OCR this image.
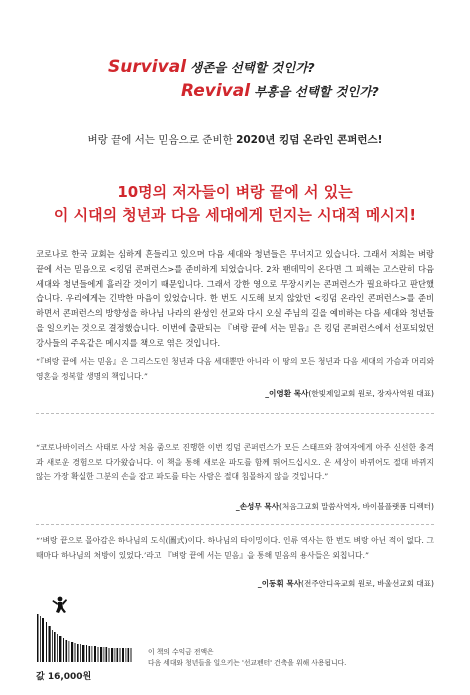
Survival 생존을 선택할 것인가?
Revival 부흥을 선택할 것인가?
벼랑 끝에 서는 믿음으로 준비한 2020년 킹덤 온라인 콘퍼런스!
10명의 저자들이 벼랑 끝에 서 있는
이 시대의 청년과 다음 세대에게 던지는 시대적 메시지!
코로나로 한국 교회는 심하게 흔들리고 있으며 다음 세대와 청년들은 무너지고 있습니다. 그래서 저희는 벼랑 끝에 서는 믿음으로 <킹덤 콘퍼런스>를 준비하게 되었습니다. 2차 팬데믹이 온다면 그 피해는 고스란히 다음 세대와 청년들에게 흘러갈 것이기 때문입니다. 그래서 강한 영으로 무장시키는 콘퍼런스가 필요하다고 판단했습니다. 우리에게는 긴박한 마음이 있었습니다. 한 번도 시도해 보지 않았던 <킹덤 온라인 콘퍼런스>를 준비하면서 콘퍼런스의 방향성을 하나님 나라의 완성인 선교와 다시 오실 주님의 길을 예비하는 다음 세대와 청년들을 일으키는 것으로 결정했습니다. 이번에 출판되는 『벼랑 끝에 서는 믿음』은 킹덤 콘퍼런스에서 선포되었던 강사들의 주옥같은 메시지를 책으로 엮은 것입니다.
“『벼랑 끝에 서는 믿음』은 그리스도인 청년과 다음 세대뿐만 아니라 이 땅의 모든 청년과 다음 세대의 가슴과 머리와 영혼을 정복할 생명의 책입니다.”
_이영환 목사(한빛제일교회 원로, 장자사역원 대표)
“코로나바이러스 사태로 사상 처음 줌으로 진행한 이번 킹덤 콘퍼런스가 모든 스태프와 참여자에게 아주 신선한 충격과 새로운 경험으로 다가왔습니다. 이 책을 통해 새로운 파도를 함께 뛰어드십시오. 온 세상이 바뀌어도 절대 바뀌지 않는 가장 확실한 그분의 손을 잡고 파도를 타는 사람은 절대 침몰하지 않을 것입니다.”
_손성무 목사(처음그교회 말씀사역자, 바이블플랫폼 디렉터)
“‘벼랑 끝으로 몰아감은 하나님의 도식(圖式)이다. 하나님의 타이밍이다. 인류 역사는 한 번도 벼랑 아닌 적이 없다. 그때마다 하나님의 처방이 있었다.’라고 『벼랑 끝에 서는 믿음』을 통해 믿음의 용사들은 외칩니다.”
_이동휘 목사(전주안디옥교회 원로, 바울선교회 대표)
이 책의 수익금 전액은
다음 세대와 청년들을 일으키는 '선교펜터' 건축을 위해 사용됩니다.
값 16,000원
